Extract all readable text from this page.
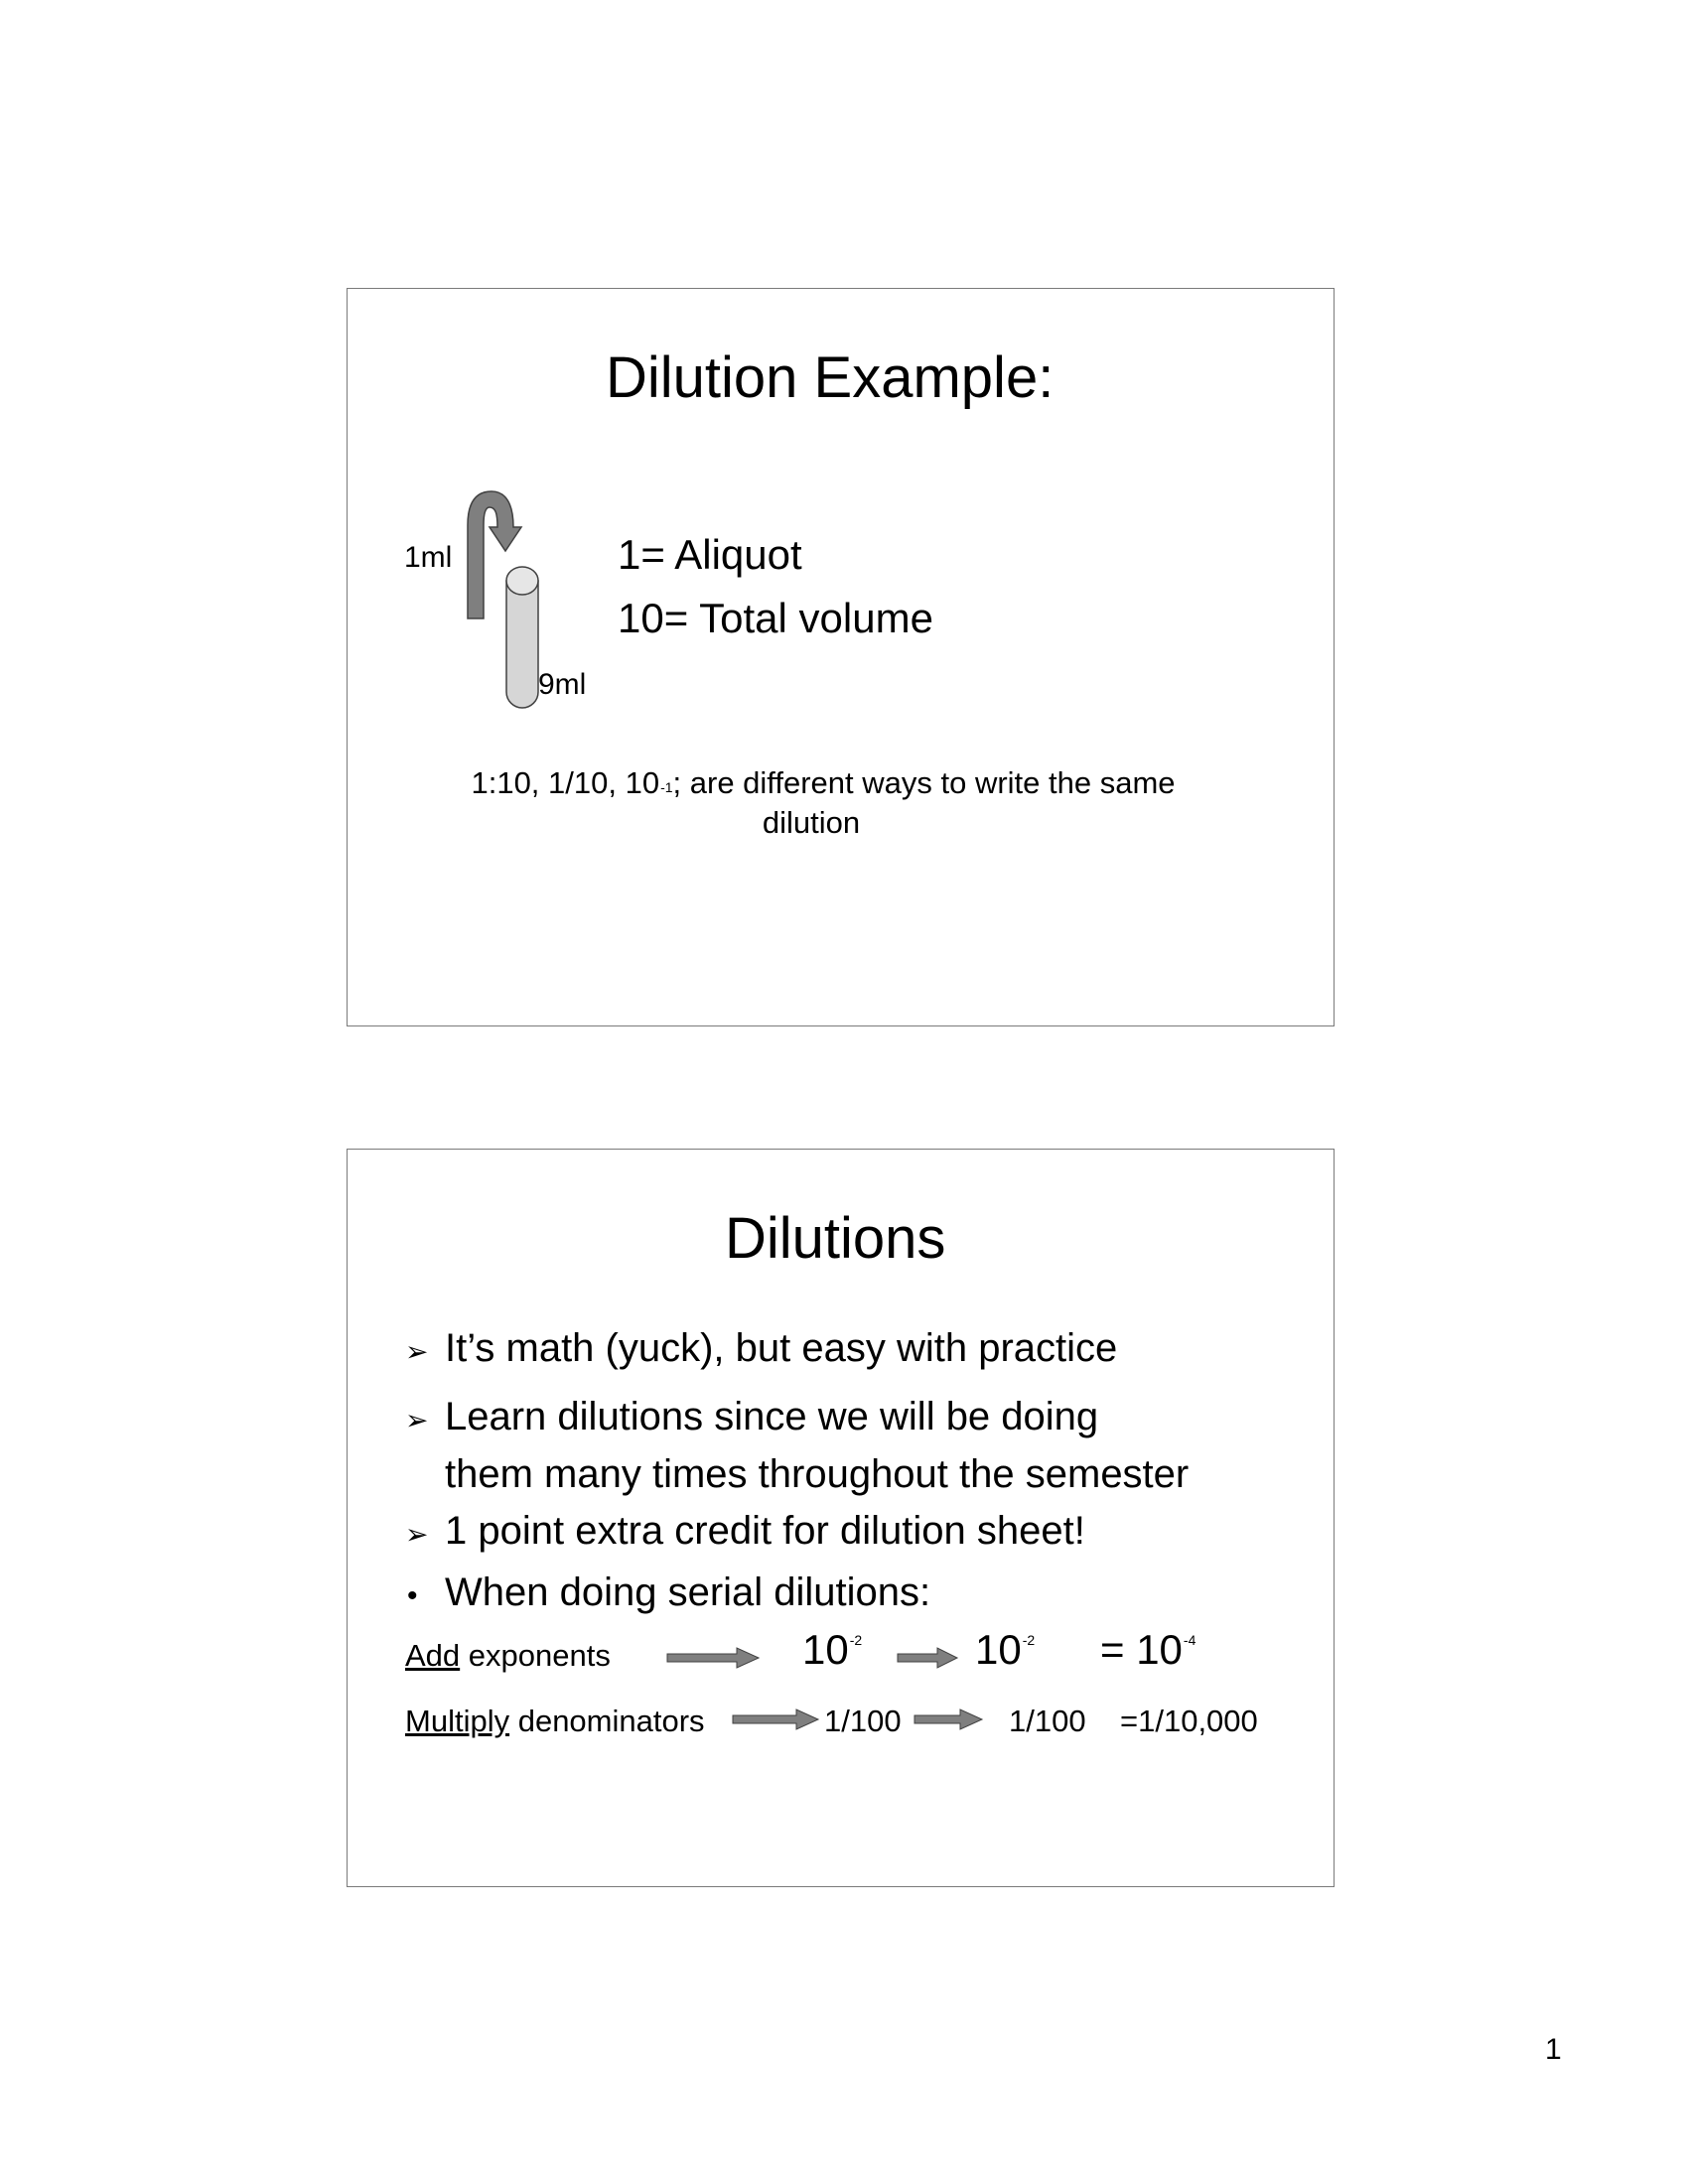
Dilution Example:
1ml
9ml
1= Aliquot
10= Total volume
1:10, 1/10, $10^{-1}$; are different ways to write the same
dilution
Dilutions
➢ It’s math (yuck), but easy with practice
➢ Learn dilutions since we will be doing
them many times throughout the semester
➢ 1 point extra credit for dilution sheet!
• When doing serial dilutions:
Add exponents	$10^{-2}$	$10^{-2} = 10^{-4}$
Multiply denominators	1/100	1/100 =1/10,000
1
